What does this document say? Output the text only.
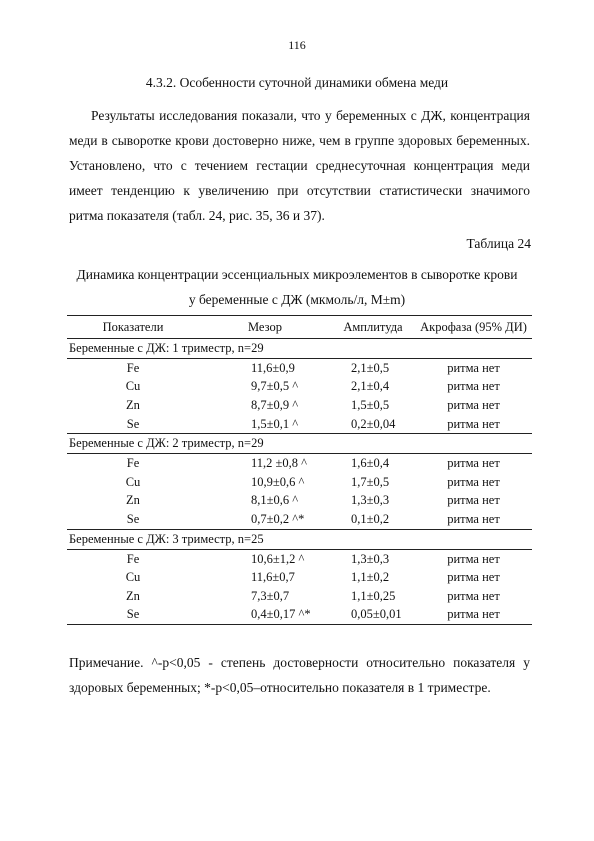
116
4.3.2. Особенности суточной динамики обмена меди

Результаты исследования показали, что у беременных с ДЖ, концентрация меди в сыворотке крови достоверно ниже, чем в группе здоровых беременных. Установлено, что с течением гестации среднесуточная концентрация меди имеет тенденцию к увеличению при отсутствии статистически значимого ритма показателя (табл. 24, рис. 35, 36 и 37).

Таблица 24
Динамика концентрации эссенциальных микроэлементов в сыворотке крови
у беременные с ДЖ (мкмоль/л, M±m)
Показатели	Мезор	Амплитуда	Акрофаза (95% ДИ)
Беременные с ДЖ: 1 триместр, n=29			
Fe	11,6±0,9	2,1±0,5	ритма нет
Cu	9,7±0,5 ^	2,1±0,4	ритма нет
Zn	8,7±0,9 ^	1,5±0,5	ритма нет
Se	1,5±0,1 ^	0,2±0,04	ритма нет
Беременные с ДЖ: 2 триместр, n=29			
Fe	11,2 ±0,8 ^	1,6±0,4	ритма нет
Cu	10,9±0,6 ^	1,7±0,5	ритма нет
Zn	8,1±0,6 ^	1,3±0,3	ритма нет
Se	0,7±0,2 ^*	0,1±0,2	ритма нет
Беременные с ДЖ: 3 триместр, n=25			
Fe	10,6±1,2 ^	1,3±0,3	ритма нет
Cu	11,6±0,7	1,1±0,2	ритма нет
Zn	7,3±0,7	1,1±0,25	ритма нет
Se	0,4±0,17 ^*	0,05±0,01	ритма нет

Примечание. ^-p<0,05 - степень достоверности относительно показателя у здоровых беременных; *-p<0,05–относительно показателя в 1 триместре.
